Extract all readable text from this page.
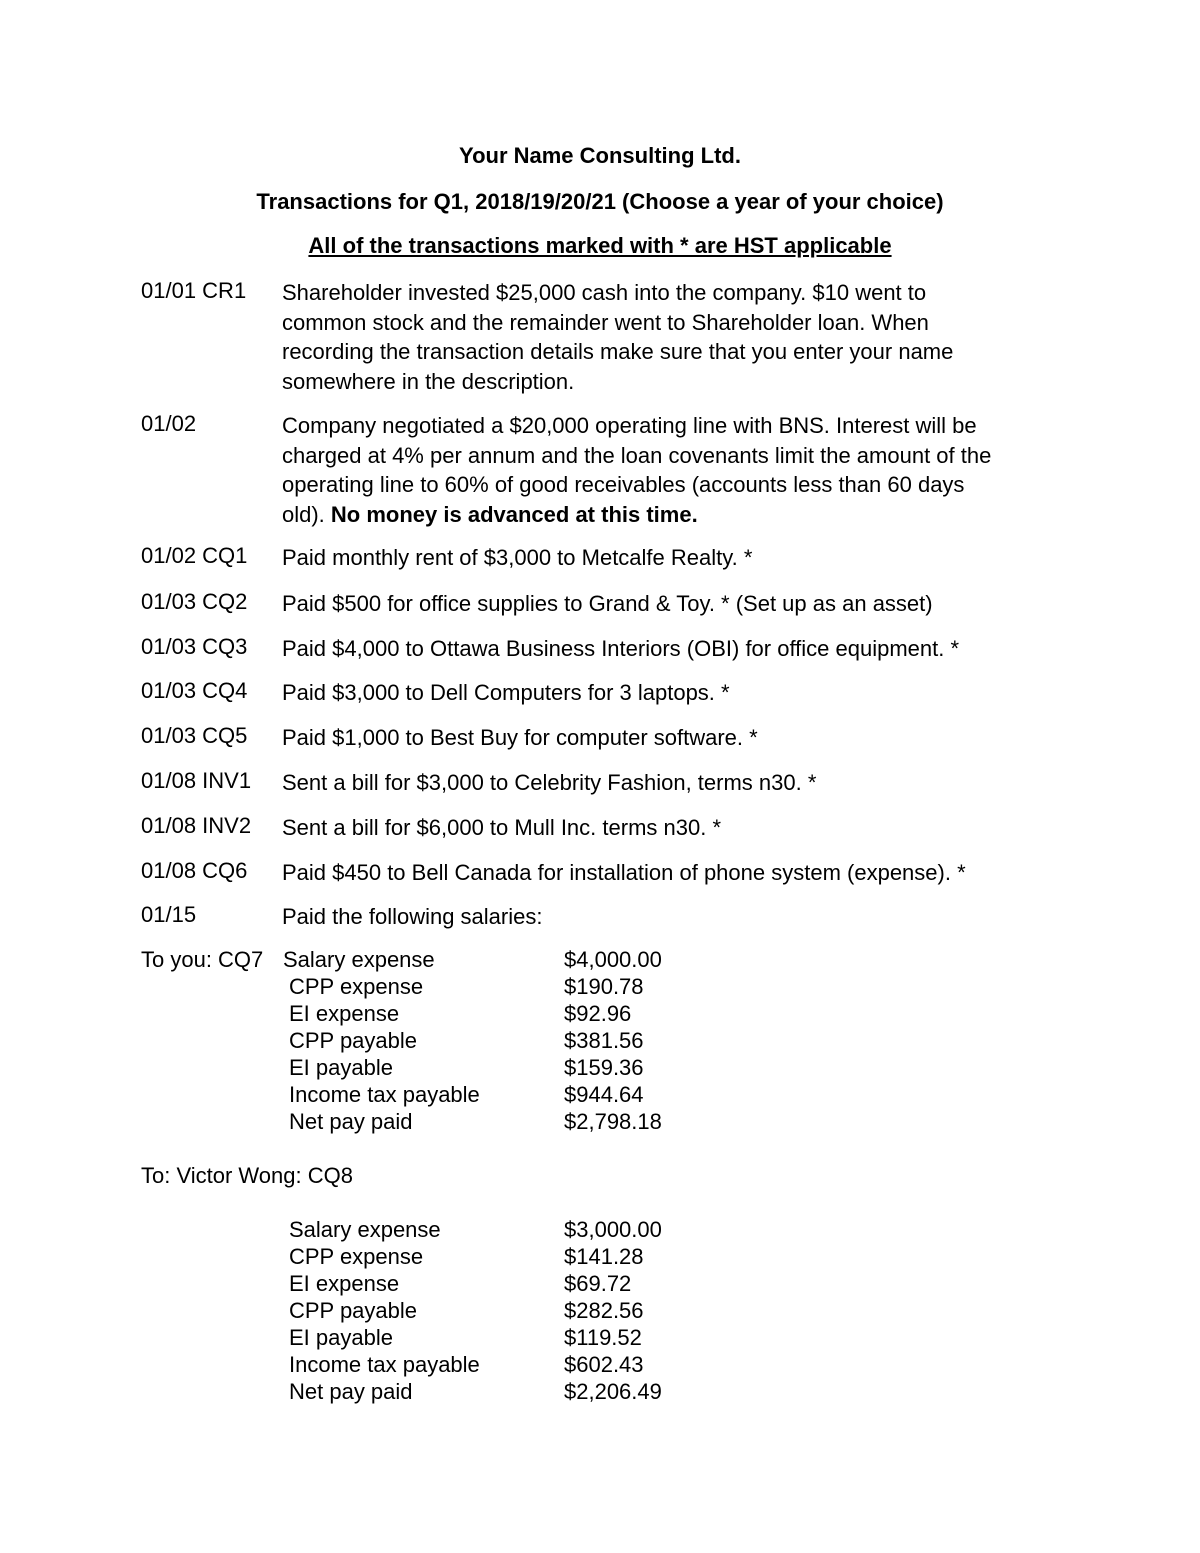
Your Name Consulting Ltd.
Transactions for Q1, 2018/19/20/21 (Choose a year of your choice)
All of the transactions marked with * are HST applicable
01/01 CR1 Shareholder invested $25,000 cash into the company. $10 went to
common stock and the remainder went to Shareholder loan. When
recording the transaction details make sure that you enter your name
somewhere in the description.
01/02	Company negotiated a $20,000 operating line with BNS. Interest will be
charged at 4% per annum and the loan covenants limit the amount of the
operating line to 60% of good receivables (accounts less than 60 days
old). No money is advanced at this time.
01/02 CQ1 Paid monthly rent of $3,000 to Metcalfe Realty. *
01/03 CQ2 Paid $500 for office supplies to Grand & Toy. * (Set up as an asset)
01/03 CQ3 Paid $4,000 to Ottawa Business Interiors (OBI) for office equipment. *
01/03 CQ4 Paid $3,000 to Dell Computers for 3 laptops. *
01/03 CQ5 Paid $1,000 to Best Buy for computer software. *
01/08 INV1 Sent a bill for $3,000 to Celebrity Fashion, terms n30. *
01/08 INV2 Sent a bill for $6,000 to Mull Inc. terms n30. *
01/08 CQ6 Paid $450 to Bell Canada for installation of phone system (expense). *
01/15	Paid the following salaries:
To you: CQ7 Salary expense	$4,000.00
CPP expense	$190.78
EI expense	$92.96
CPP payable	$381.56
EI payable	$159.36
Income tax payable	$944.64
Net pay paid	$2,798.18
To: Victor Wong: CQ8
Salary expense	$3,000.00
CPP expense	$141.28
EI expense	$69.72
CPP payable	$282.56
EI payable	$119.52
Income tax payable	$602.43
Net pay paid	$2,206.49
